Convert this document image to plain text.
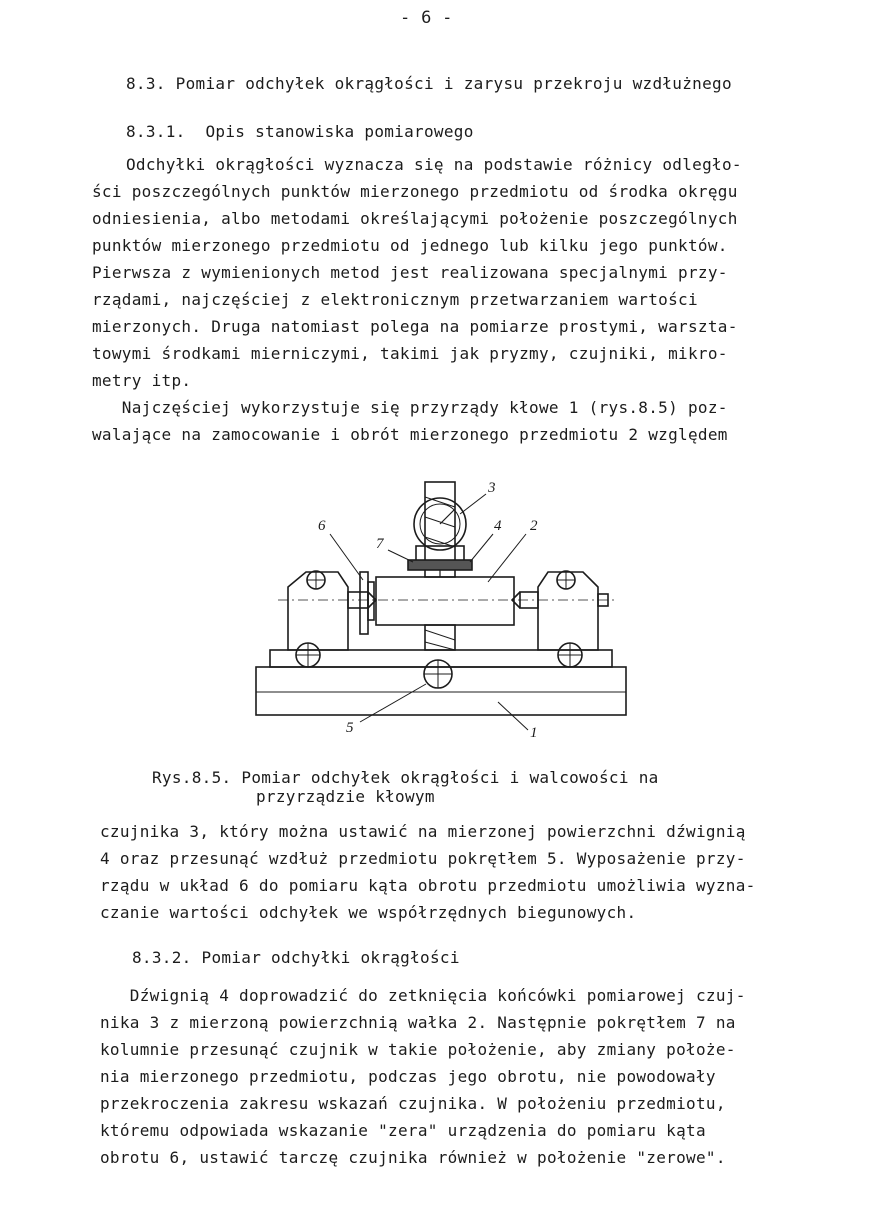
- 6 -
8.3. Pomiar odchyłek okrągłości i zarysu przekroju wzdłużnego
8.3.1.  Opis stanowiska pomiarowego
Odchyłki okrągłości wyznacza się na podstawie różnicy odległo-
ści poszczególnych punktów mierzonego przedmiotu od środka okręgu
odniesienia, albo metodami określającymi położenie poszczególnych
punktów mierzonego przedmiotu od jednego lub kilku jego punktów.
Pierwsza z wymienionych metod jest realizowana specjalnymi przy-
rządami, najczęściej z elektronicznym przetwarzaniem wartości
mierzonych. Druga natomiast polega na pomiarze prostymi, warszta-
towymi środkami mierniczymi, takimi jak pryzmy, czujniki, mikro-
metry itp.
Najczęściej wykorzystuje się przyrządy kłowe 1 (rys.8.5) poz-
walające na zamocowanie i obrót mierzonego przedmiotu 2 względem
1
2
3
4
5
6
7
Rys.8.5. Pomiar odchyłek okrągłości i walcowości na
przyrządzie kłowym
czujnika 3, który można ustawić na mierzonej powierzchni dźwignią
4 oraz przesunąć wzdłuż przedmiotu pokrętłem 5. Wyposażenie przy-
rządu w układ 6 do pomiaru kąta obrotu przedmiotu umożliwia wyzna-
czanie wartości odchyłek we współrzędnych biegunowych.
8.3.2. Pomiar odchyłki okrągłości
Dźwignią 4 doprowadzić do zetknięcia końcówki pomiarowej czuj-
nika 3 z mierzoną powierzchnią wałka 2. Następnie pokrętłem 7 na
kolumnie przesunąć czujnik w takie położenie, aby zmiany położe-
nia mierzonego przedmiotu, podczas jego obrotu, nie powodowały
przekroczenia zakresu wskazań czujnika. W położeniu przedmiotu,
któremu odpowiada wskazanie "zera" urządzenia do pomiaru kąta
obrotu 6, ustawić tarczę czujnika również w położenie "zerowe".
